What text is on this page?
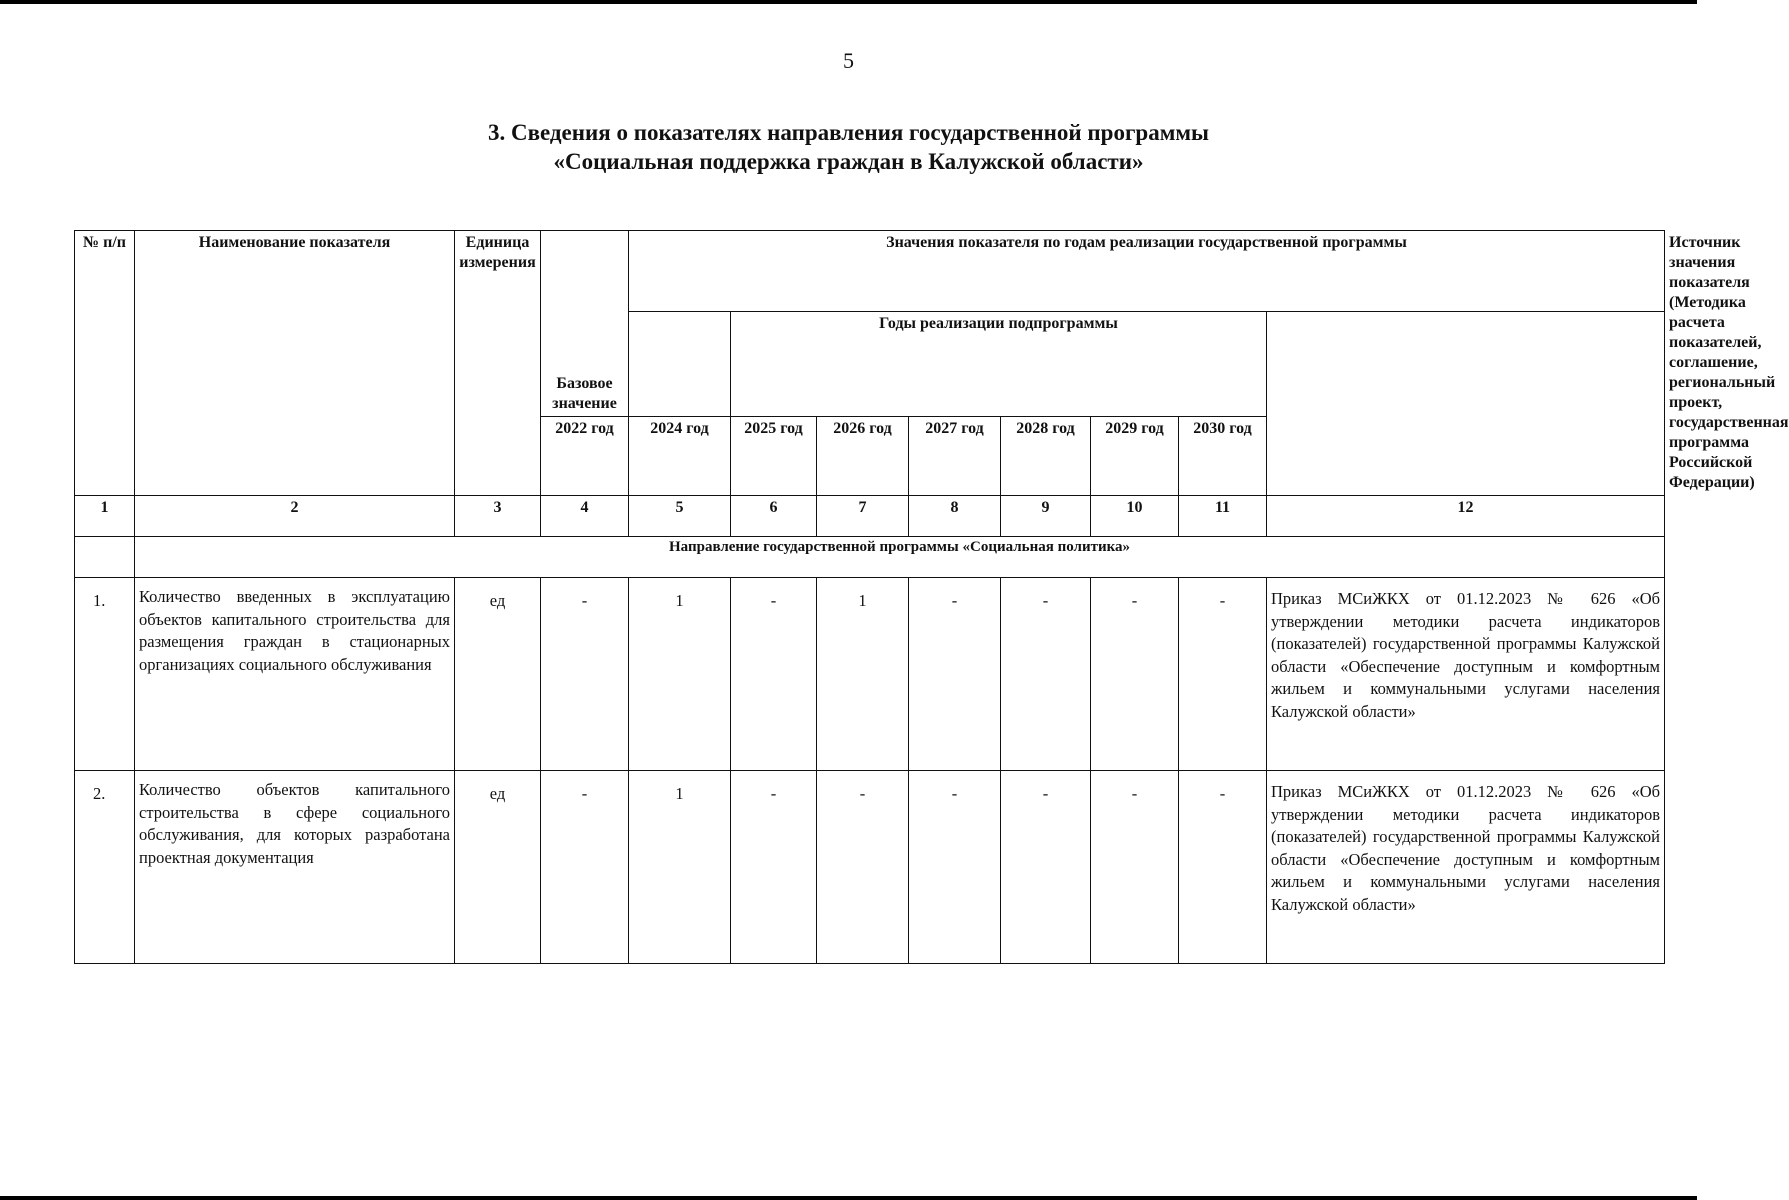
5
3. Сведения о показателях направления государственной программы
«Социальная поддержка граждан в Калужской области»
№ п/п	Наименование показателя	Единица измерения		Значения показателя по годам реализации государственной программы								Источник значения показателя (Методика расчета показателей, соглашение, региональный проект, государственная программа Российской Федерации)
			Базовое значение		Годы реализации подпрограммы							
			2022 год	2024 год	2025 год	2026 год	2027 год	2028 год	2029 год	2030 год		
1	2	3	4	5	6	7	8	9	10	11	12	
	Направление государственной программы «Социальная политика»											
1.	Количество введенных в эксплуатацию объектов капитального строительства для размещения граждан в стационарных организациях социального обслуживания	ед	-	1	-	1	-	-	-	-	Приказ МСиЖКХ от 01.12.2023 № 626 «Об утверждении методики расчета индикаторов (показателей) государственной программы Калужской области «Обеспечение доступным и комфортным жильем и коммунальными услугами населения Калужской области»	
2.	Количество объектов капитального строительства в сфере социального обслуживания, для которых разработана проектная документация	ед	-	1	-	-	-	-	-	-	Приказ МСиЖКХ от 01.12.2023 № 626 «Об утверждении методики расчета индикаторов (показателей) государственной программы Калужской области «Обеспечение доступным и комфортным жильем и коммунальными услугами населения Калужской области»	
